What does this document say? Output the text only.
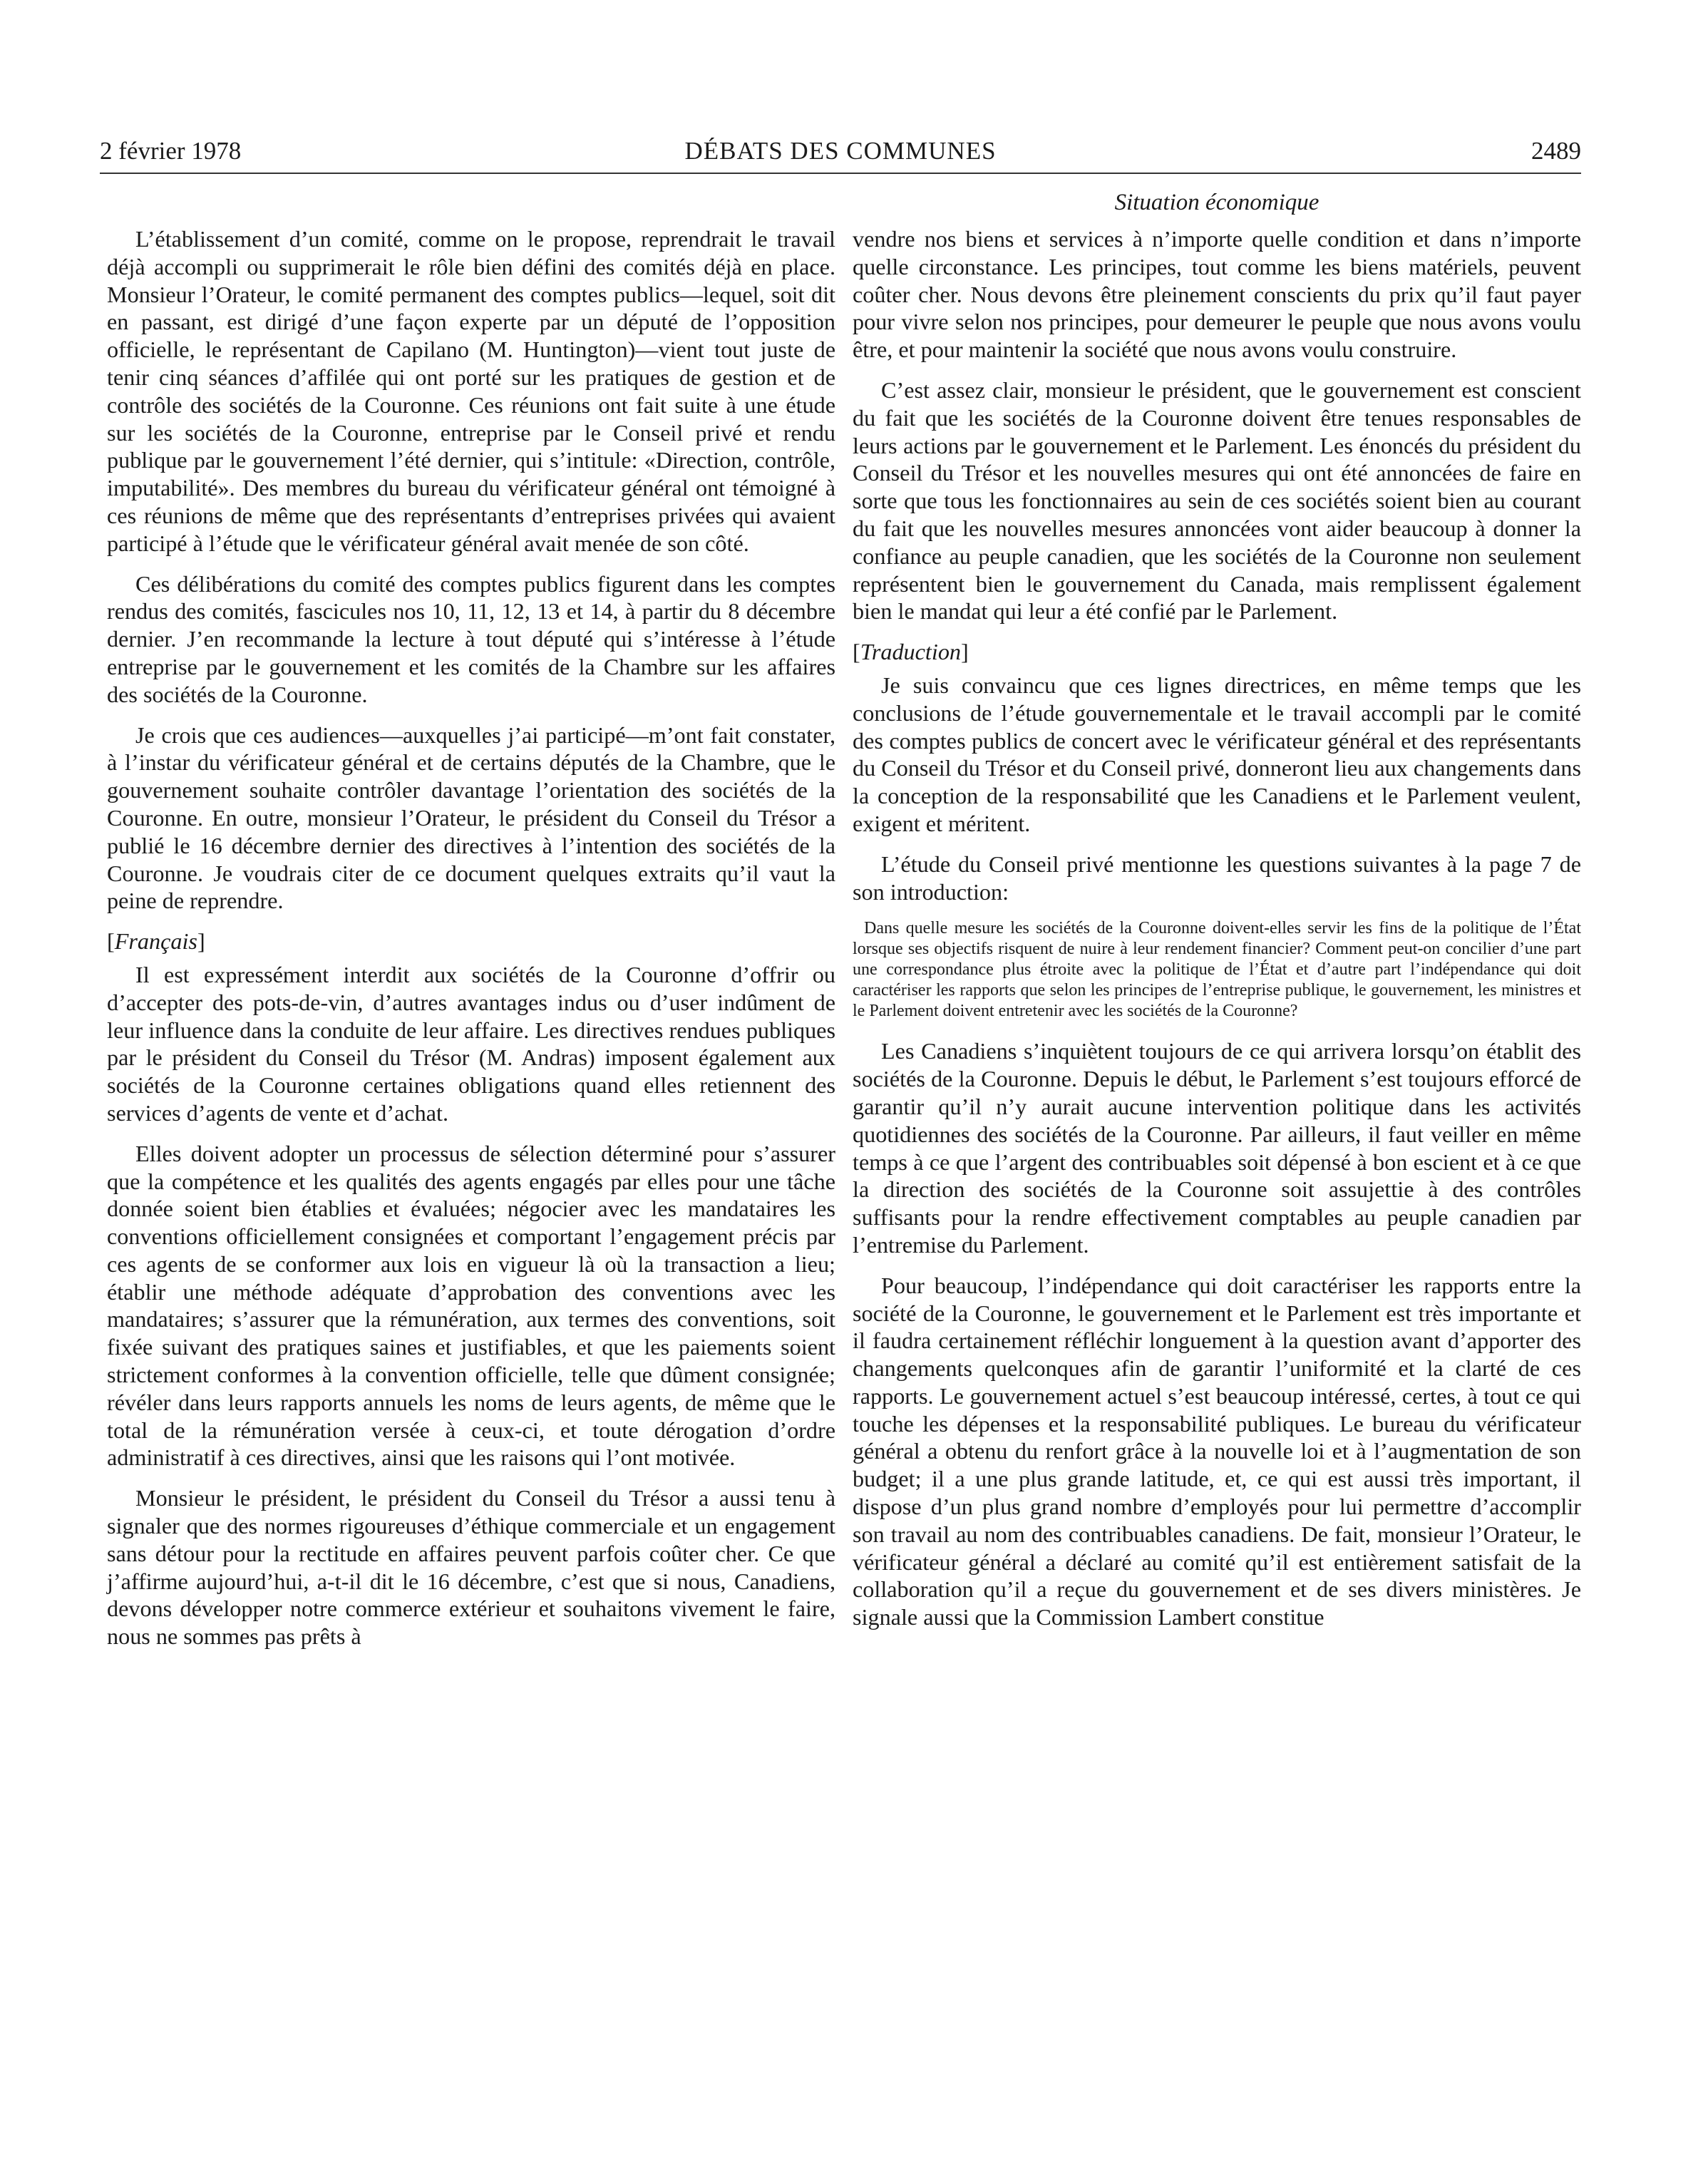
2 février 1978	DÉBATS DES COMMUNES	2489
Situation économique

L’établissement d’un comité, comme on le propose, reprendrait le travail déjà accompli ou supprimerait le rôle bien défini des comités déjà en place. Monsieur l’Orateur, le comité permanent des comptes publics—lequel, soit dit en passant, est dirigé d’une façon experte par un député de l’opposition officielle, le représentant de Capilano (M. Huntington)—vient tout juste de tenir cinq séances d’affilée qui ont porté sur les pratiques de gestion et de contrôle des sociétés de la Couronne. Ces réunions ont fait suite à une étude sur les sociétés de la Couronne, entreprise par le Conseil privé et rendu publique par le gouvernement l’été dernier, qui s’intitule: «Direction, contrôle, imputabilité». Des membres du bureau du vérificateur général ont témoigné à ces réunions de même que des représentants d’entreprises privées qui avaient participé à l’étude que le vérificateur général avait menée de son côté.

Ces délibérations du comité des comptes publics figurent dans les comptes rendus des comités, fascicules nos 10, 11, 12, 13 et 14, à partir du 8 décembre dernier. J’en recommande la lecture à tout député qui s’intéresse à l’étude entreprise par le gouvernement et les comités de la Chambre sur les affaires des sociétés de la Couronne.

Je crois que ces audiences—auxquelles j’ai participé—m’ont fait constater, à l’instar du vérificateur général et de certains députés de la Chambre, que le gouvernement souhaite contrôler davantage l’orientation des sociétés de la Couronne. En outre, monsieur l’Orateur, le président du Conseil du Trésor a publié le 16 décembre dernier des directives à l’intention des sociétés de la Couronne. Je voudrais citer de ce document quelques extraits qu’il vaut la peine de reprendre.

[Français]

Il est expressément interdit aux sociétés de la Couronne d’offrir ou d’accepter des pots-de-vin, d’autres avantages indus ou d’user indûment de leur influence dans la conduite de leur affaire. Les directives rendues publiques par le président du Conseil du Trésor (M. Andras) imposent également aux sociétés de la Couronne certaines obligations quand elles retiennent des services d’agents de vente et d’achat.

Elles doivent adopter un processus de sélection déterminé pour s’assurer que la compétence et les qualités des agents engagés par elles pour une tâche donnée soient bien établies et évaluées; négocier avec les mandataires les conventions officiellement consignées et comportant l’engagement précis par ces agents de se conformer aux lois en vigueur là où la transaction a lieu; établir une méthode adéquate d’approbation des conventions avec les mandataires; s’assurer que la rémunération, aux termes des conventions, soit fixée suivant des pratiques saines et justifiables, et que les paiements soient strictement conformes à la convention officielle, telle que dûment consignée; révéler dans leurs rapports annuels les noms de leurs agents, de même que le total de la rémunération versée à ceux-ci, et toute dérogation d’ordre administratif à ces directives, ainsi que les raisons qui l’ont motivée.

Monsieur le président, le président du Conseil du Trésor a aussi tenu à signaler que des normes rigoureuses d’éthique commerciale et un engagement sans détour pour la rectitude en affaires peuvent parfois coûter cher. Ce que j’affirme aujourd’hui, a-t-il dit le 16 décembre, c’est que si nous, Canadiens, devons développer notre commerce extérieur et souhaitons vivement le faire, nous ne sommes pas prêts à

vendre nos biens et services à n’importe quelle condition et dans n’importe quelle circonstance. Les principes, tout comme les biens matériels, peuvent coûter cher. Nous devons être pleinement conscients du prix qu’il faut payer pour vivre selon nos principes, pour demeurer le peuple que nous avons voulu être, et pour maintenir la société que nous avons voulu construire.

C’est assez clair, monsieur le président, que le gouvernement est conscient du fait que les sociétés de la Couronne doivent être tenues responsables de leurs actions par le gouvernement et le Parlement. Les énoncés du président du Conseil du Trésor et les nouvelles mesures qui ont été annoncées de faire en sorte que tous les fonctionnaires au sein de ces sociétés soient bien au courant du fait que les nouvelles mesures annoncées vont aider beaucoup à donner la confiance au peuple canadien, que les sociétés de la Couronne non seulement représentent bien le gouvernement du Canada, mais remplissent également bien le mandat qui leur a été confié par le Parlement.

[Traduction]

Je suis convaincu que ces lignes directrices, en même temps que les conclusions de l’étude gouvernementale et le travail accompli par le comité des comptes publics de concert avec le vérificateur général et des représentants du Conseil du Trésor et du Conseil privé, donneront lieu aux changements dans la conception de la responsabilité que les Canadiens et le Parlement veulent, exigent et méritent.

L’étude du Conseil privé mentionne les questions suivantes à la page 7 de son introduction:

Dans quelle mesure les sociétés de la Couronne doivent-elles servir les fins de la politique de l’État lorsque ses objectifs risquent de nuire à leur rendement financier? Comment peut-on concilier d’une part une correspondance plus étroite avec la politique de l’État et d’autre part l’indépendance qui doit caractériser les rapports que selon les principes de l’entreprise publique, le gouvernement, les ministres et le Parlement doivent entretenir avec les sociétés de la Couronne?

Les Canadiens s’inquiètent toujours de ce qui arrivera lorsqu’on établit des sociétés de la Couronne. Depuis le début, le Parlement s’est toujours efforcé de garantir qu’il n’y aurait aucune intervention politique dans les activités quotidiennes des sociétés de la Couronne. Par ailleurs, il faut veiller en même temps à ce que l’argent des contribuables soit dépensé à bon escient et à ce que la direction des sociétés de la Couronne soit assujettie à des contrôles suffisants pour la rendre effectivement comptables au peuple canadien par l’entremise du Parlement.

Pour beaucoup, l’indépendance qui doit caractériser les rapports entre la société de la Couronne, le gouvernement et le Parlement est très importante et il faudra certainement réfléchir longuement à la question avant d’apporter des changements quelconques afin de garantir l’uniformité et la clarté de ces rapports. Le gouvernement actuel s’est beaucoup intéressé, certes, à tout ce qui touche les dépenses et la responsabilité publiques. Le bureau du vérificateur général a obtenu du renfort grâce à la nouvelle loi et à l’augmentation de son budget; il a une plus grande latitude, et, ce qui est aussi très important, il dispose d’un plus grand nombre d’employés pour lui permettre d’accomplir son travail au nom des contribuables canadiens. De fait, monsieur l’Orateur, le vérificateur général a déclaré au comité qu’il est entièrement satisfait de la collaboration qu’il a reçue du gouvernement et de ses divers ministères. Je signale aussi que la Commission Lambert constitue
